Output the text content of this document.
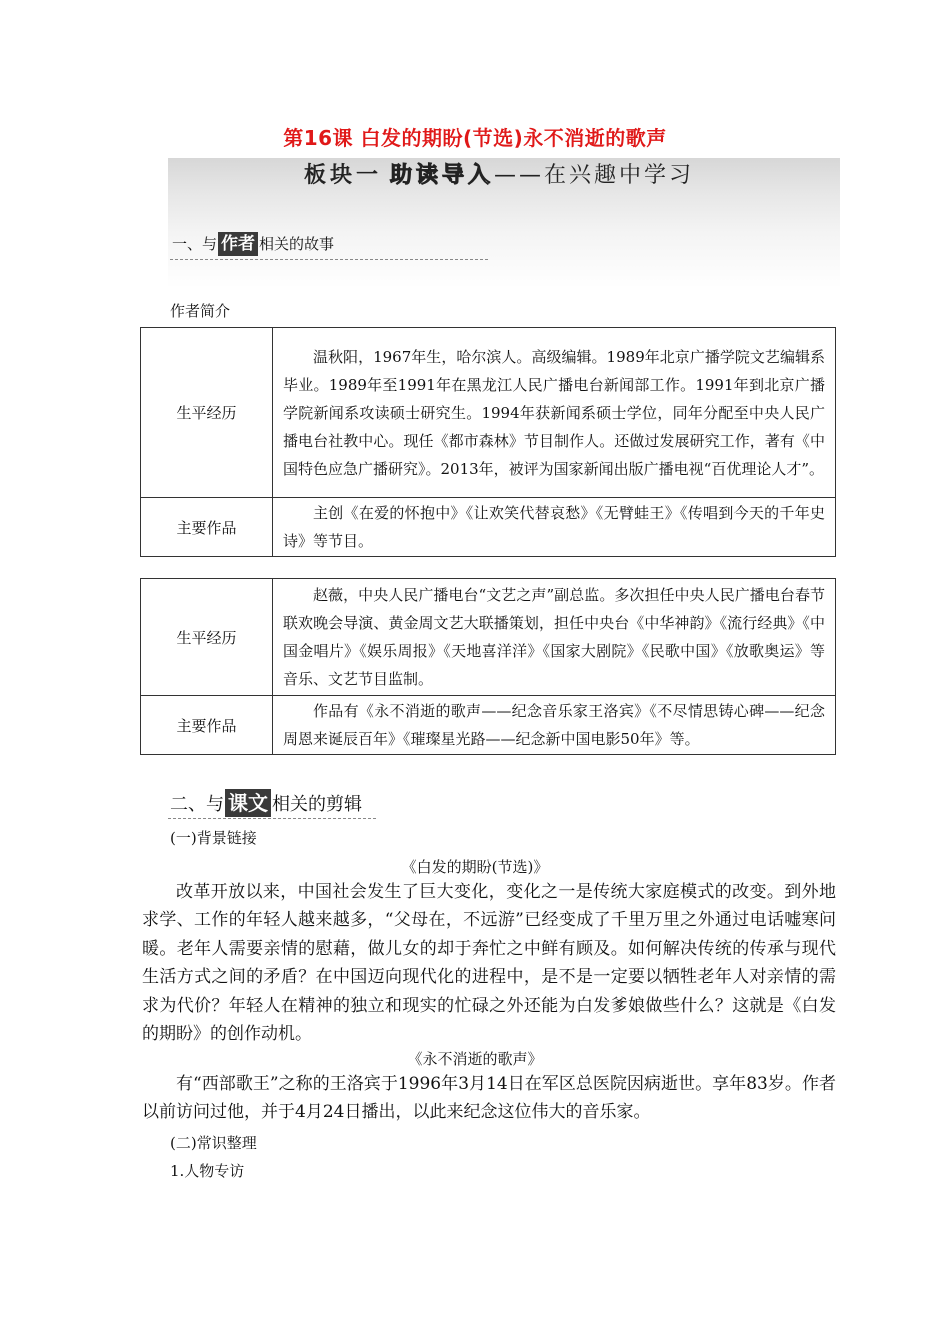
第16课 白发的期盼(节选)永不消逝的歌声
板块一 助读导入——在兴趣中学习
一、与 作者 相关的故事
作者简介
生平经历	温秋阳，1967年生，哈尔滨人。高级编辑。1989年北京广播学院文艺编辑系毕业。1989年至1991年在黑龙江人民广播电台新闻部工作。1991年到北京广播学院新闻系攻读硕士研究生。1994年获新闻系硕士学位，同年分配至中央人民广播电台社教中心。现任《都市森林》节目制作人。还做过发展研究工作，著有《中国特色应急广播研究》。2013年，被评为国家新闻出版广播电视“百优理论人才”。
主要作品	主创《在爱的怀抱中》《让欢笑代替哀愁》《无臂蛙王》《传唱到今天的千年史诗》等节目。
生平经历	赵薇，中央人民广播电台“文艺之声”副总监。多次担任中央人民广播电台春节联欢晚会导演、黄金周文艺大联播策划，担任中央台《中华神韵》《流行经典》《中国金唱片》《娱乐周报》《天地喜洋洋》《国家大剧院》《民歌中国》《放歌奥运》等音乐、文艺节目监制。
主要作品	作品有《永不消逝的歌声——纪念音乐家王洛宾》《不尽情思铸心碑——纪念周恩来诞辰百年》《璀璨星光路——纪念新中国电影50年》等。
二、与 课文 相关的剪辑
(一)背景链接
《白发的期盼(节选)》
改革开放以来，中国社会发生了巨大变化，变化之一是传统大家庭模式的改变。到外地求学、工作的年轻人越来越多，“父母在，不远游”已经变成了千里万里之外通过电话嘘寒问暖。老年人需要亲情的慰藉，做儿女的却于奔忙之中鲜有顾及。如何解决传统的传承与现代生活方式之间的矛盾？在中国迈向现代化的进程中，是不是一定要以牺牲老年人对亲情的需求为代价？年轻人在精神的独立和现实的忙碌之外还能为白发爹娘做些什么？这就是《白发的期盼》的创作动机。
《永不消逝的歌声》
有“西部歌王”之称的王洛宾于1996年3月14日在军区总医院因病逝世。享年83岁。作者以前访问过他，并于4月24日播出，以此来纪念这位伟大的音乐家。
(二)常识整理
1.人物专访
